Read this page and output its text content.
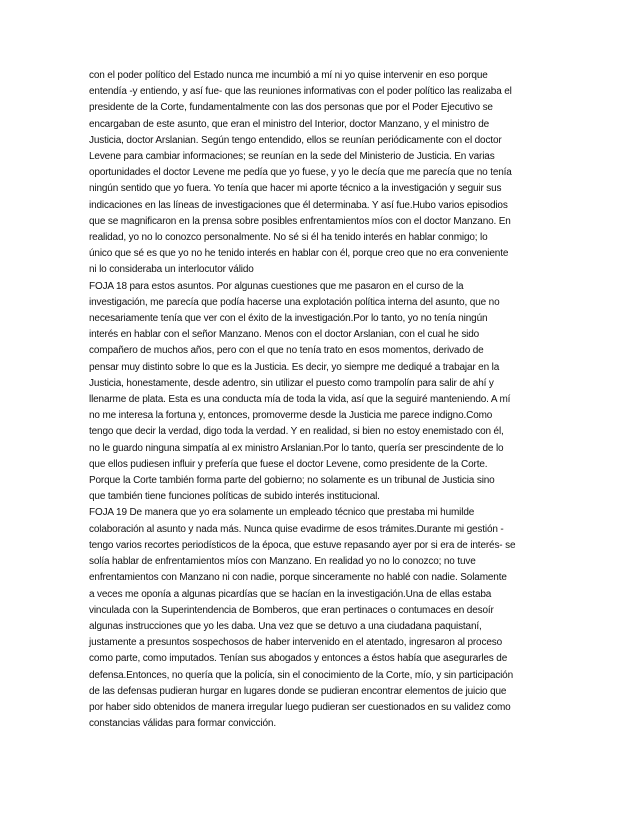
con el poder político del Estado nunca me incumbió a mí ni yo quise intervenir en eso porque
entendía -y entiendo, y así fue- que las reuniones informativas con el poder político las realizaba el
presidente de la Corte, fundamentalmente con las dos personas que por el Poder Ejecutivo se
encargaban de este asunto, que eran el ministro del Interior, doctor Manzano, y el ministro de
Justicia, doctor Arslanian. Según tengo entendido, ellos se reunían periódicamente con el doctor
Levene para cambiar informaciones; se reunían en la sede del Ministerio de Justicia. En varias
oportunidades el doctor Levene me pedía que yo fuese, y yo le decía que me parecía que no tenía
ningún sentido que yo fuera. Yo tenía que hacer mi aporte técnico a la investigación y seguir sus
indicaciones en las líneas de investigaciones que él determinaba. Y así fue.Hubo varios episodios
que se magnificaron en la prensa sobre posibles enfrentamientos míos con el doctor Manzano. En
realidad, yo no lo conozco personalmente. No sé si él ha tenido interés en hablar conmigo; lo
único que sé es que yo no he tenido interés en hablar con él, porque creo que no era conveniente
ni lo consideraba un interlocutor válido
FOJA 18 para estos asuntos. Por algunas cuestiones que me pasaron en el curso de la
investigación, me parecía que podía hacerse una explotación política interna del asunto, que no
necesariamente tenía que ver con el éxito de la investigación.Por lo tanto, yo no tenía ningún
interés en hablar con el señor Manzano. Menos con el doctor Arslanian, con el cual he sido
compañero de muchos años, pero con el que no tenía trato en esos momentos, derivado de
pensar muy distinto sobre lo que es la Justicia. Es decir, yo siempre me dediqué a trabajar en la
Justicia, honestamente, desde adentro, sin utilizar el puesto como trampolín para salir de ahí y
llenarme de plata. Esta es una conducta mía de toda la vida, así que la seguiré manteniendo. A mí
no me interesa la fortuna y, entonces, promoverme desde la Justicia me parece indigno.Como
tengo que decir la verdad, digo toda la verdad. Y en realidad, si bien no estoy enemistado con él,
no le guardo ninguna simpatía al ex ministro Arslanian.Por lo tanto, quería ser prescindente de lo
que ellos pudiesen influir y prefería que fuese el doctor Levene, como presidente de la Corte.
Porque la Corte también forma parte del gobierno; no solamente es un tribunal de Justicia sino
que también tiene funciones políticas de subido interés institucional.
FOJA 19 De manera que yo era solamente un empleado técnico que prestaba mi humilde
colaboración al asunto y nada más. Nunca quise evadirme de esos trámites.Durante mi gestión -
tengo varios recortes periodísticos de la época, que estuve repasando ayer por si era de interés- se
solía hablar de enfrentamientos míos con Manzano. En realidad yo no lo conozco; no tuve
enfrentamientos con Manzano ni con nadie, porque sinceramente no hablé con nadie. Solamente
a veces me oponía a algunas picardías que se hacían en la investigación.Una de ellas estaba
vinculada con la Superintendencia de Bomberos, que eran pertinaces o contumaces en desoír
algunas instrucciones que yo les daba. Una vez que se detuvo a una ciudadana paquistaní,
justamente a presuntos sospechosos de haber intervenido en el atentado, ingresaron al proceso
como parte, como imputados. Tenían sus abogados y entonces a éstos había que asegurarles de
defensa.Entonces, no quería que la policía, sin el conocimiento de la Corte, mío, y sin participación
de las defensas pudieran hurgar en lugares donde se pudieran encontrar elementos de juicio que
por haber sido obtenidos de manera irregular luego pudieran ser cuestionados en su validez como
constancias válidas para formar convicción.
